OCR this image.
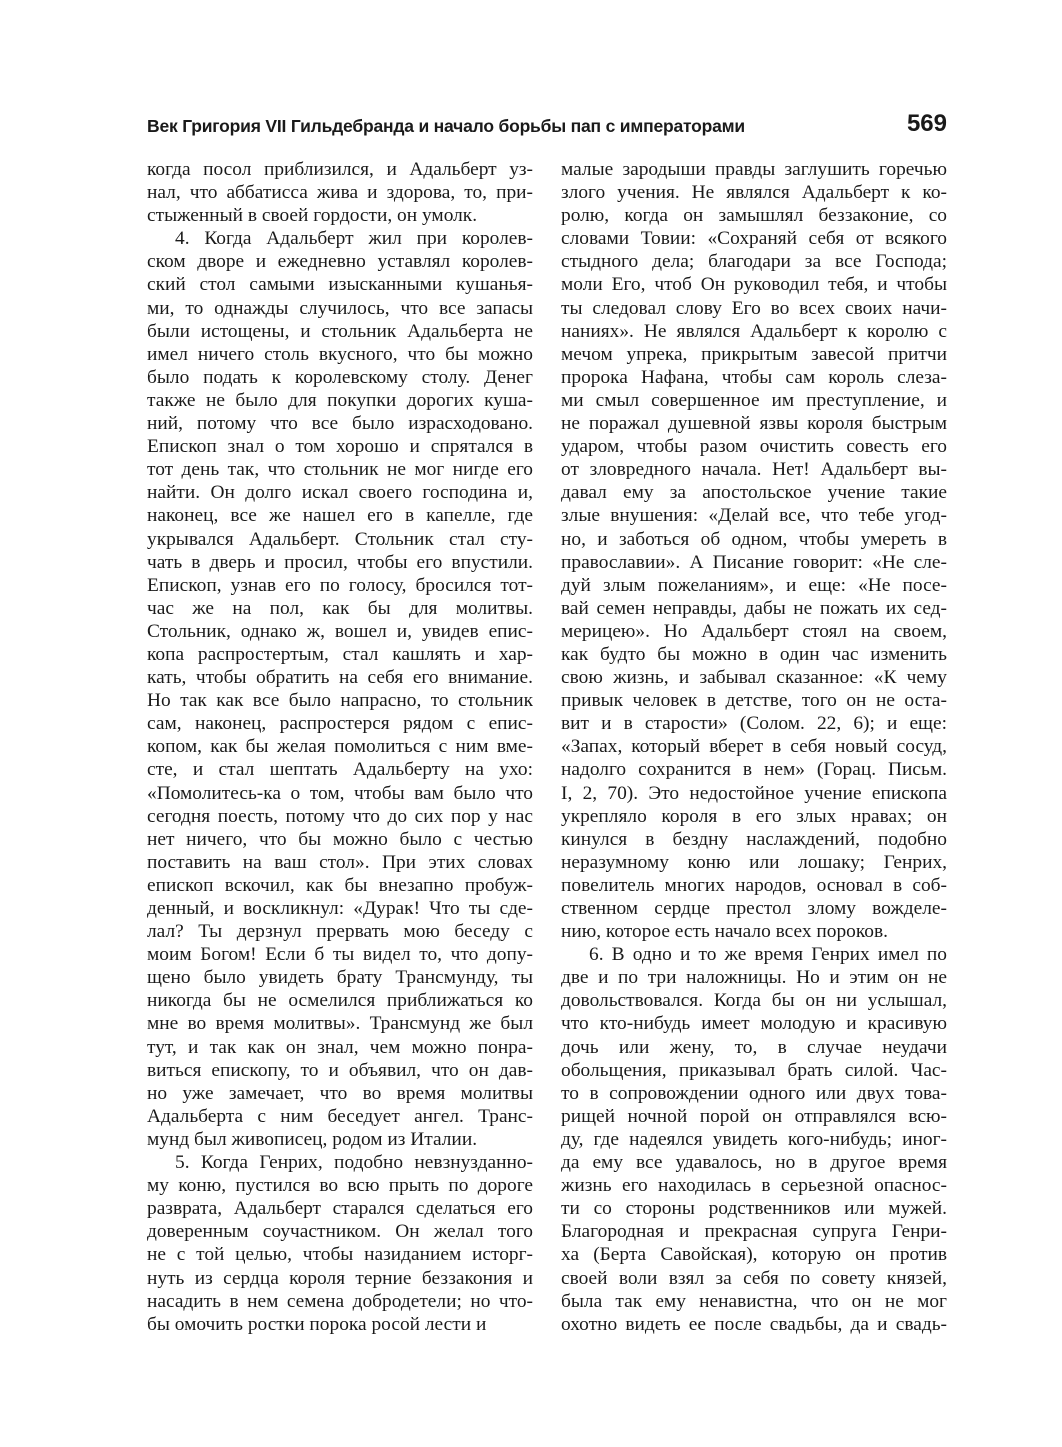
Век Григория VII Гильдебранда и начало борьбы пап с императорами	569
когда посол приблизился, и Адальберт уз-
нал, что аббатисса жива и здорова, то, при-
стыженный в своей гордости, он умолк.
4. Когда Адальберт жил при королев-
ском дворе и ежедневно уставлял королев-
ский стол самыми изысканными кушанья-
ми, то однажды случилось, что все запасы
были истощены, и стольник Адальберта не
имел ничего столь вкусного, что бы можно
было подать к королевскому столу. Денег
также не было для покупки дорогих куша-
ний, потому что все было израсходовано.
Епископ знал о том хорошо и спрятался в
тот день так, что стольник не мог нигде его
найти. Он долго искал своего господина и,
наконец, все же нашел его в капелле, где
укрывался Адальберт. Стольник стал сту-
чать в дверь и просил, чтобы его впустили.
Епископ, узнав его по голосу, бросился тот-
час же на пол, как бы для молитвы.
Стольник, однако ж, вошел и, увидев епис-
копа распростертым, стал кашлять и хар-
кать, чтобы обратить на себя его внимание.
Но так как все было напрасно, то стольник
сам, наконец, распростерся рядом с епис-
копом, как бы желая помолиться с ним вме-
сте, и стал шептать Адальберту на ухо:
«Помолитесь-ка о том, чтобы вам было что
сегодня поесть, потому что до сих пор у нас
нет ничего, что бы можно было с честью
поставить на ваш стол». При этих словах
епископ вскочил, как бы внезапно пробуж-
денный, и воскликнул: «Дурак! Что ты сде-
лал? Ты дерзнул прервать мою беседу с
моим Богом! Если б ты видел то, что допу-
щено было увидеть брату Трансмунду, ты
никогда бы не осмелился приближаться ко
мне во время молитвы». Трансмунд же был
тут, и так как он знал, чем можно понра-
виться епископу, то и объявил, что он дав-
но уже замечает, что во время молитвы
Адальберта с ним беседует ангел. Транс-
мунд был живописец, родом из Италии.
5. Когда Генрих, подобно невзнузданно-
му коню, пустился во всю прыть по дороге
разврата, Адальберт старался сделаться его
доверенным соучастником. Он желал того
не с той целью, чтобы назиданием исторг-
нуть из сердца короля терние беззакония и
насадить в нем семена добродетели; но что-
бы омочить ростки порока росой лести и
малые зародыши правды заглушить горечью
злого учения. Не являлся Адальберт к ко-
ролю, когда он замышлял беззаконие, со
словами Товии: «Сохраняй себя от всякого
стыдного дела; благодари за все Господа;
моли Его, чтоб Он руководил тебя, и чтобы
ты следовал слову Его во всех своих начи-
наниях». Не являлся Адальберт к королю с
мечом упрека, прикрытым завесой притчи
пророка Нафана, чтобы сам король слеза-
ми смыл совершенное им преступление, и
не поражал душевной язвы короля быстрым
ударом, чтобы разом очистить совесть его
от зловредного начала. Нет! Адальберт вы-
давал ему за апостольское учение такие
злые внушения: «Делай все, что тебе угод-
но, и заботься об одном, чтобы умереть в
православии». А Писание говорит: «Не сле-
дуй злым пожеланиям», и еще: «Не посе-
вай семен неправды, дабы не пожать их сед-
мерицею». Но Адальберт стоял на своем,
как будто бы можно в один час изменить
свою жизнь, и забывал сказанное: «К чему
привык человек в детстве, того он не оста-
вит и в старости» (Солом. 22, 6); и еще:
«Запах, который вберет в себя новый сосуд,
надолго сохранится в нем» (Горац. Письм.
I, 2, 70). Это недостойное учение епископа
укрепляло короля в его злых нравах; он
кинулся в бездну наслаждений, подобно
неразумному коню или лошаку; Генрих,
повелитель многих народов, основал в соб-
ственном сердце престол злому вожделе-
нию, которое есть начало всех пороков.
6. В одно и то же время Генрих имел по
две и по три наложницы. Но и этим он не
довольствовался. Когда бы он ни услышал,
что кто-нибудь имеет молодую и красивую
дочь или жену, то, в случае неудачи
обольщения, приказывал брать силой. Час-
то в сопровождении одного или двух това-
рищей ночной порой он отправлялся всю-
ду, где надеялся увидеть кого-нибудь; иног-
да ему все удавалось, но в другое время
жизнь его находилась в серьезной опаснос-
ти со стороны родственников или мужей.
Благородная и прекрасная супруга Генри-
ха (Берта Савойская), которую он против
своей воли взял за себя по совету князей,
была так ему ненавистна, что он не мог
охотно видеть ее после свадьбы, да и свадь-
